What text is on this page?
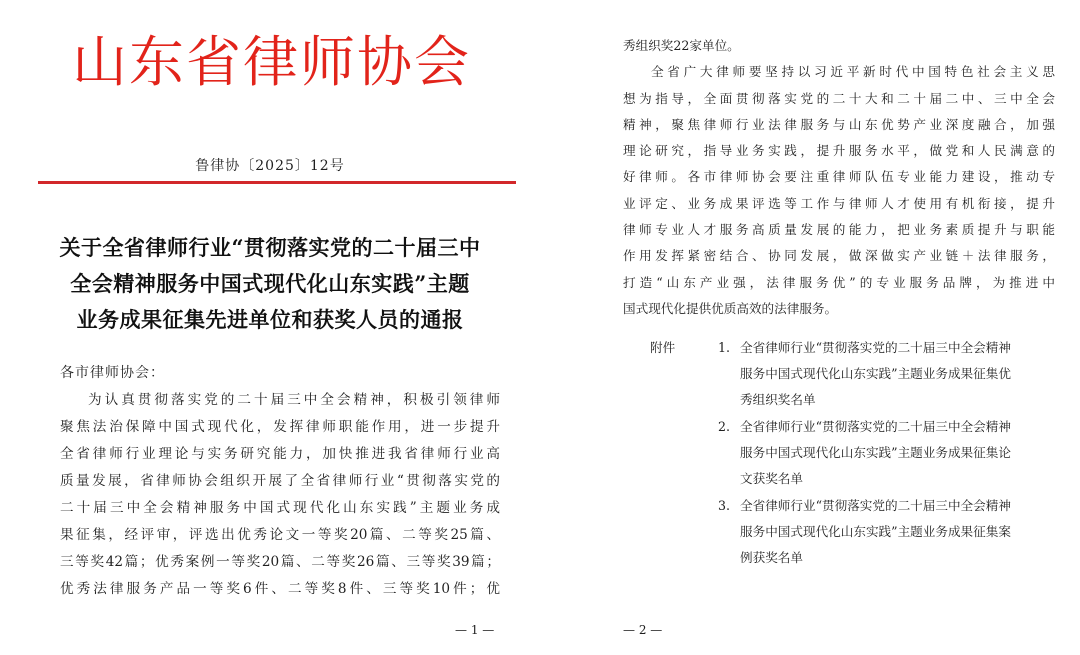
山东省律师协会
鲁律协〔2025〕12号
关于全省律师行业“贯彻落实党的二十届三中
全会精神服务中国式现代化山东实践”主题
业务成果征集先进单位和获奖人员的通报
各市律师协会：
为认真贯彻落实党的二十届三中全会精神，积极引领律师
聚焦法治保障中国式现代化，发挥律师职能作用，进一步提升
全省律师行业理论与实务研究能力，加快推进我省律师行业高
质量发展，省律师协会组织开展了全省律师行业“贯彻落实党的
二十届三中全会精神服务中国式现代化山东实践”主题业务成
果征集，经评审，评选出优秀论文一等奖20篇、二等奖25篇、
三等奖42篇；优秀案例一等奖20篇、二等奖26篇、三等奖39篇；
优秀法律服务产品一等奖6件、二等奖8件、三等奖10件；优
— 1 —
秀组织奖22家单位。
全省广大律师要坚持以习近平新时代中国特色社会主义思
想为指导，全面贯彻落实党的二十大和二十届二中、三中全会
精神，聚焦律师行业法律服务与山东优势产业深度融合，加强
理论研究，指导业务实践，提升服务水平，做党和人民满意的
好律师。各市律师协会要注重律师队伍专业能力建设，推动专
业评定、业务成果评选等工作与律师人才使用有机衔接，提升
律师专业人才服务高质量发展的能力，把业务素质提升与职能
作用发挥紧密结合、协同发展，做深做实产业链＋法律服务，
打造“山东产业强，法律服务优”的专业服务品牌，为推进中
国式现代化提供优质高效的法律服务。
附件	1. 全省律师行业“贯彻落实党的二十届三中全会精神
服务中国式现代化山东实践”主题业务成果征集优
秀组织奖名单
2. 全省律师行业“贯彻落实党的二十届三中全会精神
服务中国式现代化山东实践”主题业务成果征集论
文获奖名单
3. 全省律师行业“贯彻落实党的二十届三中全会精神
服务中国式现代化山东实践”主题业务成果征集案
例获奖名单
— 2 —
